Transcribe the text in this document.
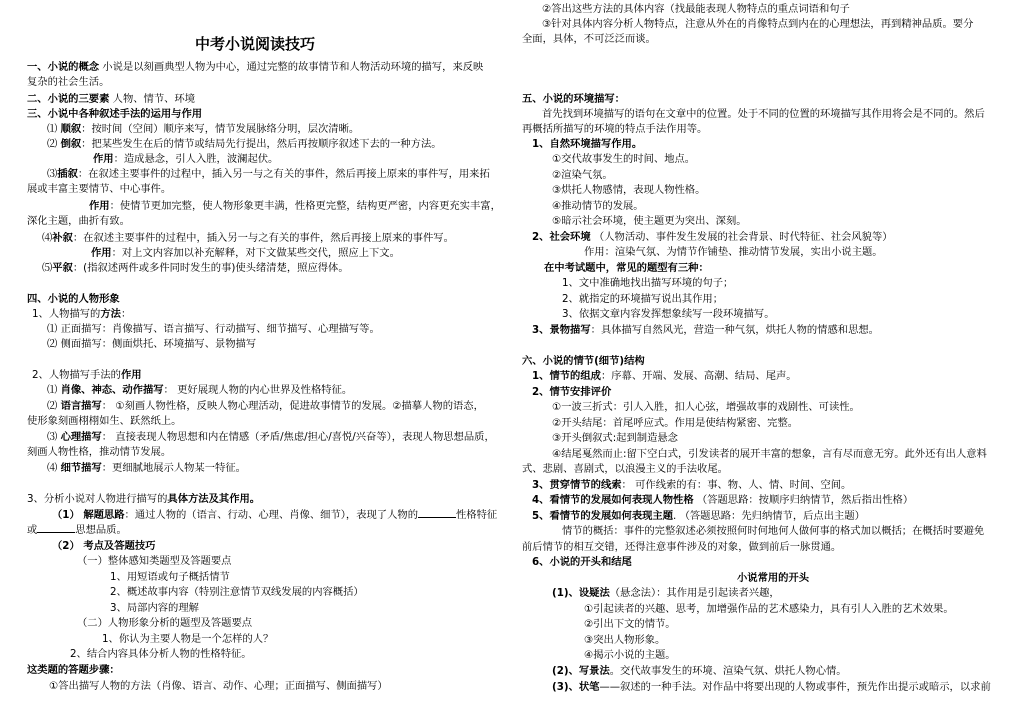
中考小说阅读技巧
一、小说的概念 小说是以刻画典型人物为中心，通过完整的故事情节和人物活动环境的描写，来反映
复杂的社会生活。
二、小说的三要素 人物、情节、环境
三、小说中各种叙述手法的运用与作用
⑴ 顺叙：按时间（空间）顺序来写，情节发展脉络分明，层次清晰。
⑵ 倒叙：把某些发生在后的情节或结局先行提出，然后再按顺序叙述下去的一种方法。
作用：造成悬念，引人入胜，波澜起伏。
⑶插叙：在叙述主要事件的过程中，插入另一与之有关的事件，然后再接上原来的事件写，用来拓
展或丰富主要情节、中心事件。
作用：使情节更加完整，使人物形象更丰满，性格更完整，结构更严密，内容更充实丰富，
深化主题，曲折有致。
⑷补叙：在叙述主要事件的过程中，插入另一与之有关的事件，然后再接上原来的事件写。
作用：对上文内容加以补充解释，对下文做某些交代，照应上下文。
⑸平叙：(指叙述两件或多件同时发生的事)使头绪清楚，照应得体。
四、小说的人物形象
1、人物描写的方法：
⑴ 正面描写：肖像描写、语言描写、行动描写、细节描写、心理描写等。
⑵ 侧面描写：侧面烘托、环境描写、景物描写
2、人物描写手法的作用
⑴ 肖像、神态、动作描写： 更好展现人物的内心世界及性格特征。
⑵ 语言描写： ①刻画人物性格，反映人物心理活动，促进故事情节的发展。②描摹人物的语态，
使形象刻画栩栩如生、跃然纸上。
⑶ 心理描写： 直接表现人物思想和内在情感（矛盾/焦虑/担心/喜悦/兴奋等），表现人物思想品质，
刻画人物性格，推动情节发展。
⑷ 细节描写：更细腻地展示人物某一特征。
3、分析小说对人物进行描写的具体方法及其作用。
（1） 解题思路：通过人物的（语言、行动、心理、肖像、细节），表现了人物的	性格特征
或	思想品质。
（2） 考点及答题技巧
（一）整体感知类题型及答题要点
1、用短语或句子概括情节
2、概述故事内容（特别注意情节双线发展的内容概括）
3、局部内容的理解
（二）人物形象分析的题型及答题要点
1、你认为主要人物是一个怎样的人？
2、结合内容具体分析人物的性格特征。
这类题的答题步骤：
①答出描写人物的方法（肖像、语言、动作、心理；正面描写、侧面描写）
②答出这些方法的具体内容（找最能表现人物特点的重点词语和句子
③针对具体内容分析人物特点，注意从外在的肖像特点到内在的心理想法，再到精神品质。要分
全面，具体，不可泛泛而谈。
五、小说的环境描写：
首先找到环境描写的语句在文章中的位置。处于不同的位置的环境描写其作用将会是不同的。然后
再概括所描写的环境的特点手法作用等。
1、自然环境描写作用。
①交代故事发生的时间、地点。
②渲染气氛。
③烘托人物感情，表现人物性格。
④推动情节的发展。
⑤暗示社会环境，使主题更为突出、深刻。
2、社会环境 （人物活动、事件发生发展的社会背景、时代特征、社会风貌等）
作用：渲染气氛、为情节作铺垫、推动情节发展，实出小说主题。
在中考试题中，常见的题型有三种：
1、文中准确地找出描写环境的句子；
2、就指定的环境描写说出其作用；
3、依据文章内容发挥想象续写一段环境描写。
3、景物描写：具体描写自然风光，营造一种气氛，烘托人物的情感和思想。
六、小说的情节(细节)结构
1、情节的组成：序幕、开端、发展、高潮、结局、尾声。
2、情节安排评价
①一波三折式：引人入胜，扣人心弦，增强故事的戏剧性、可读性。
②开头结尾：首尾呼应式。作用是使结构紧密、完整。
③开头倒叙式:起到制造悬念
④结尾戛然而止:留下空白式，引发读者的展开丰富的想象，言有尽而意无穷。此外还有出人意料
式、悲剧、喜剧式，以浪漫主义的手法收尾。
3、贯穿情节的线索： 可作线索的有：事、物、人、情、时间、空间。
4、看情节的发展如何表现人物性格 （答题思路：按顺序归纳情节，然后指出性格）
5、看情节的发展如何表现主题. （答题思路：先归纳情节，后点出主题）
情节的概括：事件的完整叙述必须按照何时何地何人做何事的格式加以概括；在概括时要避免
前后情节的相互交错，还得注意事件涉及的对象，做到前后一脉贯通。
6、小说的开头和结尾
小说常用的开头
(1)、设疑法（悬念法）：其作用是引起读者兴趣，
①引起读者的兴趣、思考，加增强作品的艺术感染力，具有引人入胜的艺术效果。
②引出下文的情节。
③突出人物形象。
④揭示小说的主题。
(2)、写景法。交代故事发生的环境、渲染气氛、烘托人物心情。
(3)、状笔——叙述的一种手法。对作品中将要出现的人物或事件，预先作出提示或暗示，以求前
